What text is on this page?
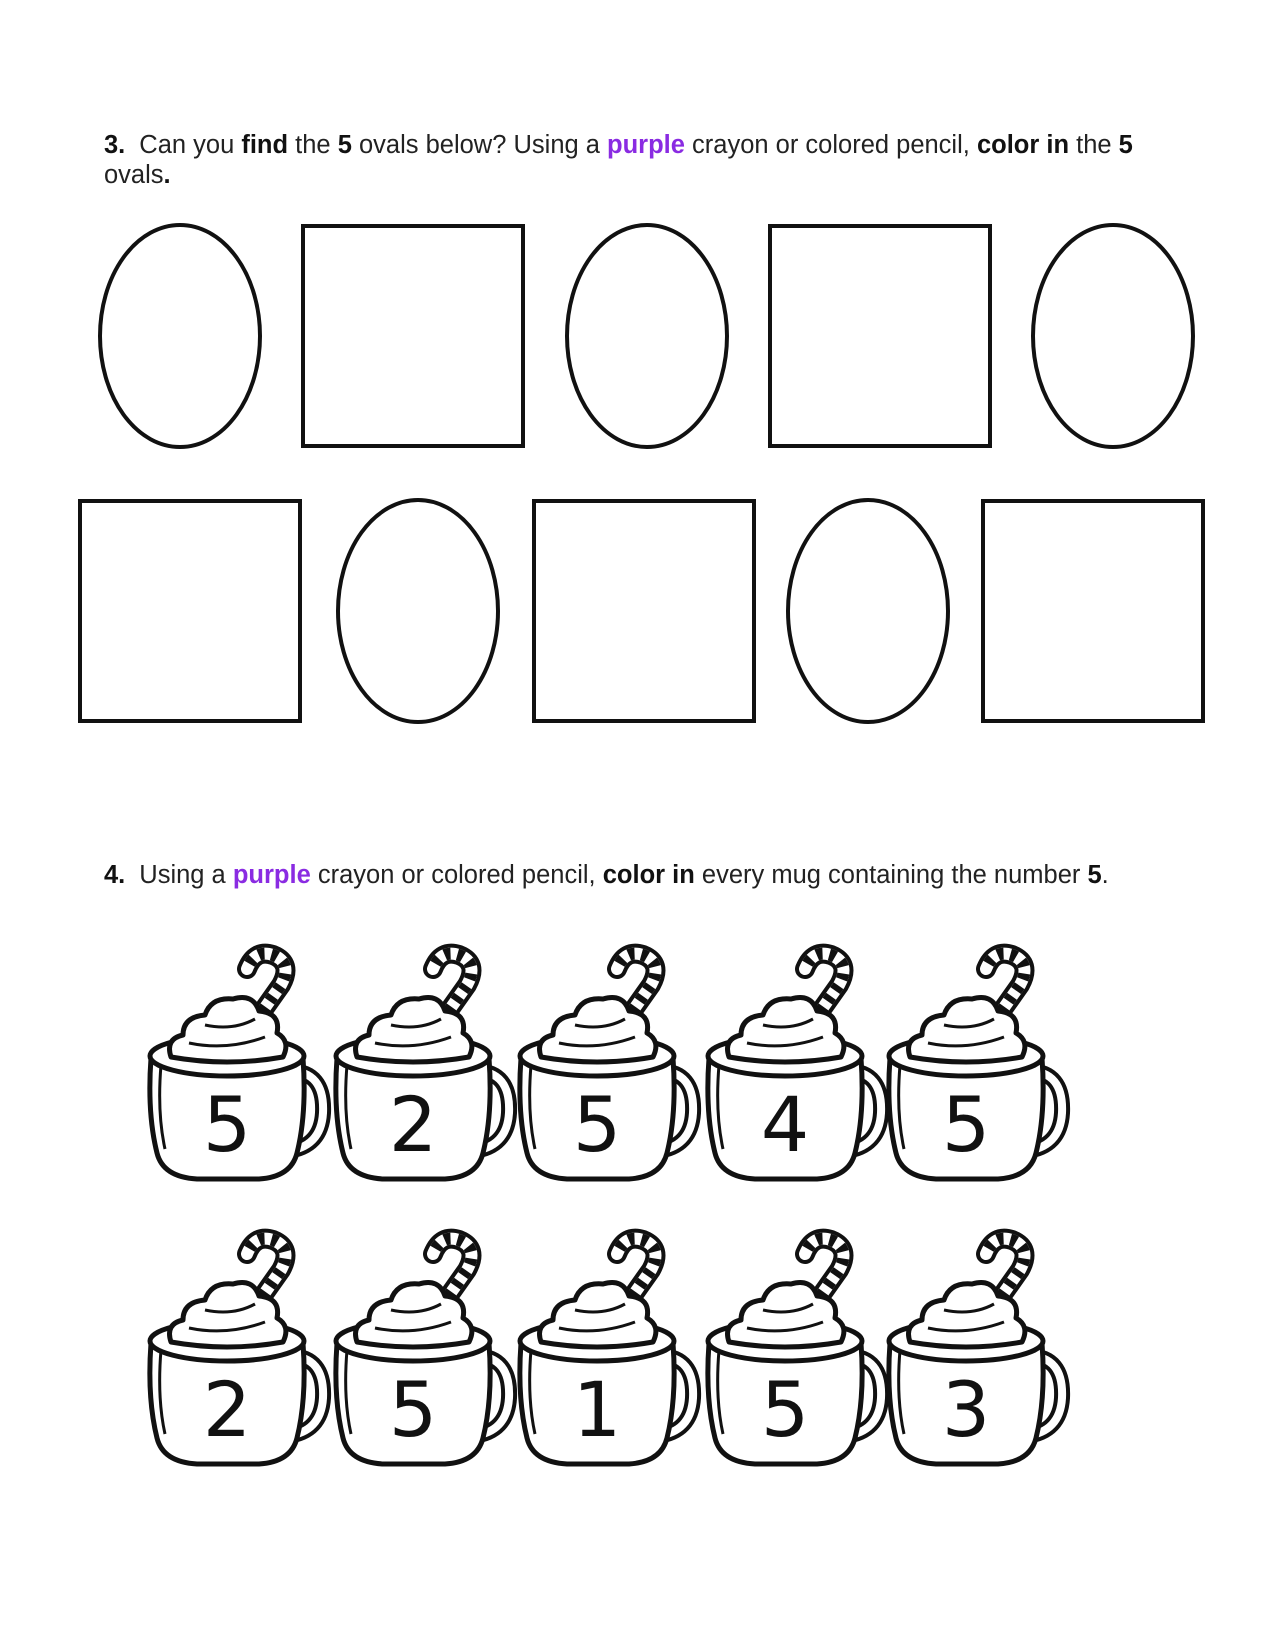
3. Can you find the 5 ovals below? Using a purple crayon or colored pencil, color in the 5 ovals.
5 2 5 4 5
2 5 1 5 3
4. Using a purple crayon or colored pencil, color in every mug containing the number 5.
